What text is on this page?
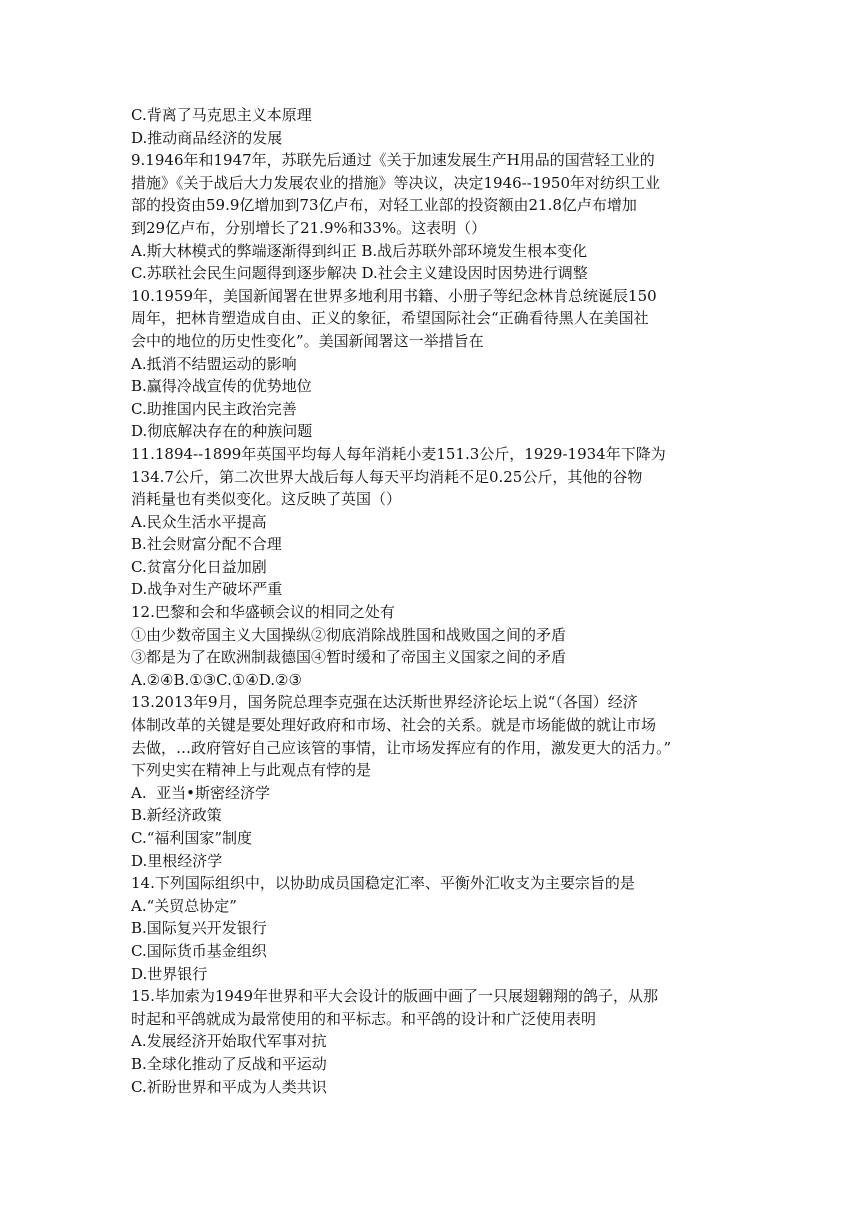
C.背离了马克思主义本原理
D.推动商品经济的发展
9.1946年和1947年，苏联先后通过《关于加速发展生产H用品的国营轻工业的
措施》《关于战后大力发展农业的措施》等决议，决定1946--1950年对纺织工业
部的投资由59.9亿增加到73亿卢布，对轻工业部的投资额由21.8亿卢布增加
到29亿卢布，分别增长了21.9%和33%。这表明（）
A.斯大林模式的弊端逐渐得到纠正 B.战后苏联外部环境发生根本变化
C.苏联社会民生问题得到逐步解决 D.社会主义建设因时因势进行调整
10.1959年，美国新闻署在世界多地利用书籍、小册子等纪念林肯总统诞辰150
周年，把林肯塑造成自由、正义的象征，希望国际社会“正确看待黑人在美国社
会中的地位的历史性变化”。美国新闻署这一举措旨在
A.抵消不结盟运动的影响
B.赢得冷战宣传的优势地位
C.助推国内民主政治完善
D.彻底解决存在的种族问题
11.1894--1899年英国平均每人每年消耗小麦151.3公斤，1929-1934年下降为
134.7公斤，第二次世界大战后每人每天平均消耗不足0.25公斤，其他的谷物
消耗量也有类似变化。这反映了英国（）
A.民众生活水平提高
B.社会财富分配不合理
C.贫富分化日益加剧
D.战争对生产破坏严重
12.巴黎和会和华盛顿会议的相同之处有
①由少数帝国主义大国操纵②彻底消除战胜国和战败国之间的矛盾
③都是为了在欧洲制裁德国④暂时缓和了帝国主义国家之间的矛盾
A.②④B.①③C.①④D.②③
13.2013年9月，国务院总理李克强在达沃斯世界经济论坛上说“（各国）经济
体制改革的关键是要处理好政府和市场、社会的关系。就是市场能做的就让市场
去做，…政府管好自己应该管的事情，让市场发挥应有的作用，激发更大的活力。”
下列史实在精神上与此观点有悖的是
A.  亚当•斯密经济学
B.新经济政策
C.“福利国家”制度
D.里根经济学
14.下列国际组织中，以协助成员国稳定汇率、平衡外汇收支为主要宗旨的是
A.“关贸总协定”
B.国际复兴开发银行
C.国际货币基金组织
D.世界银行
15.毕加索为1949年世界和平大会设计的版画中画了一只展翅翱翔的鸽子，从那
时起和平鸽就成为最常使用的和平标志。和平鸽的设计和广泛使用表明
A.发展经济开始取代军事对抗
B.全球化推动了反战和平运动
C.祈盼世界和平成为人类共识
